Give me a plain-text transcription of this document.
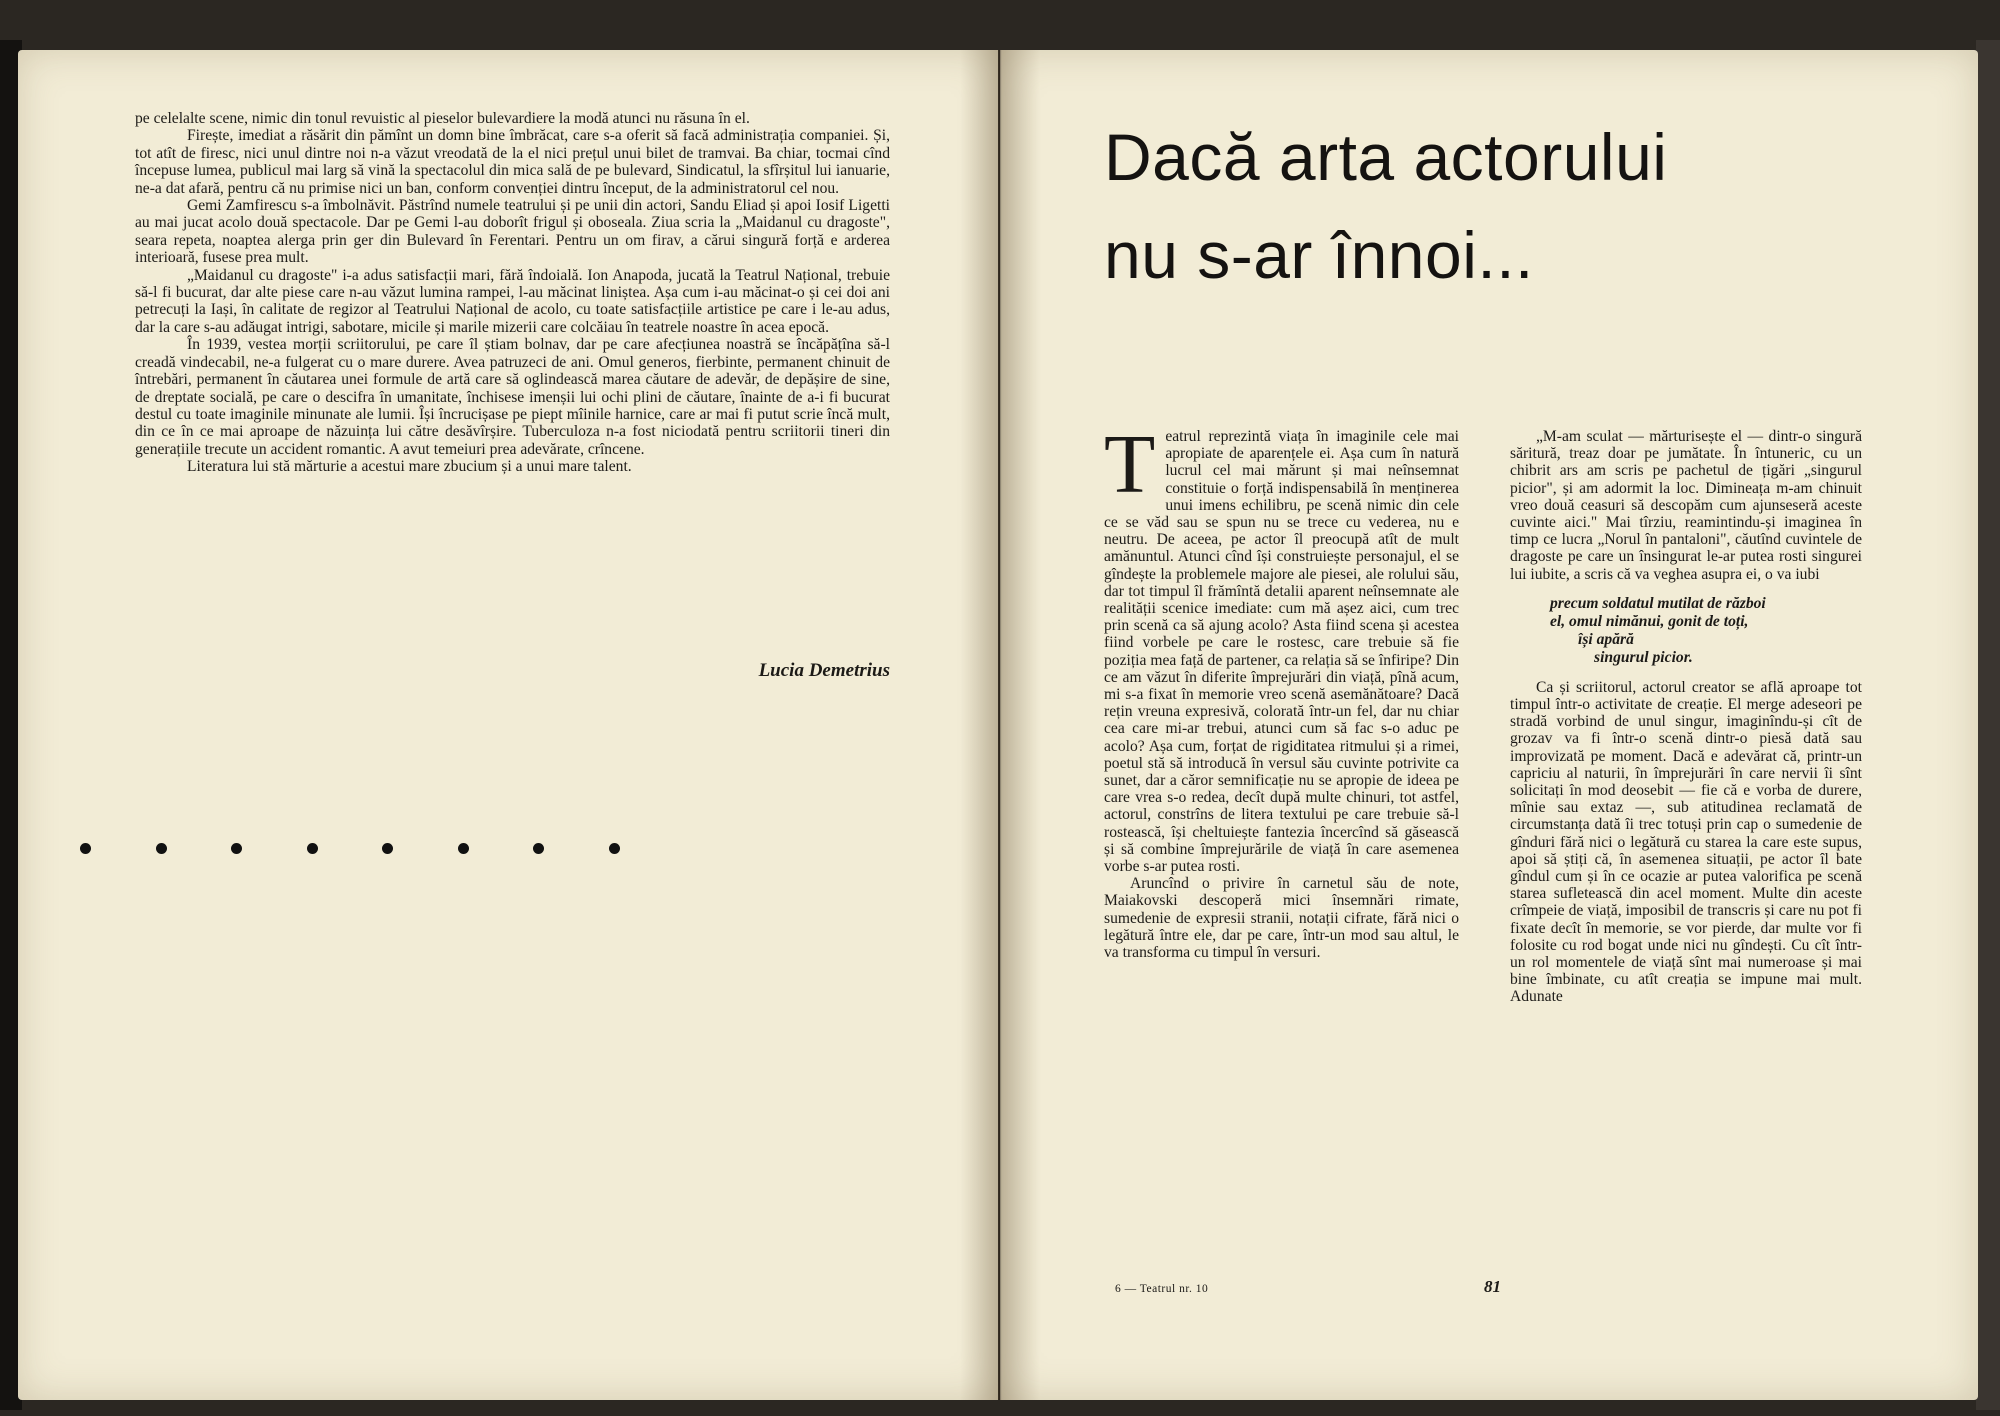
pe celelalte scene, nimic din tonul revuistic al pieselor bulevardiere la modă atunci nu răsuna în el.

Firește, imediat a răsărit din pămînt un domn bine îmbrăcat, care s-a oferit să facă administrația companiei. Și, tot atît de firesc, nici unul dintre noi n-a văzut vreodată de la el nici prețul unui bilet de tramvai. Ba chiar, tocmai cînd începuse lumea, publicul mai larg să vină la spectacolul din mica sală de pe bulevard, Sindicatul, la sfîrșitul lui ianuarie, ne-a dat afară, pentru că nu primise nici un ban, conform convenției dintru început, de la administratorul cel nou.

Gemi Zamfirescu s-a îmbolnăvit. Păstrînd numele teatrului și pe unii din actori, Sandu Eliad și apoi Iosif Ligetti au mai jucat acolo două spectacole. Dar pe Gemi l-au doborît frigul și oboseala. Ziua scria la „Maidanul cu dragoste", seara repeta, noaptea alerga prin ger din Bulevard în Ferentari. Pentru un om firav, a cărui singură forță e arderea interioară, fusese prea mult.

„Maidanul cu dragoste" i-a adus satisfacții mari, fără îndoială. Ion Anapoda, jucată la Teatrul Național, trebuie să-l fi bucurat, dar alte piese care n-au văzut lumina rampei, l-au măcinat liniștea. Așa cum i-au măcinat-o și cei doi ani petrecuți la Iași, în calitate de regizor al Teatrului Național de acolo, cu toate satisfacțiile artistice pe care i le-au adus, dar la care s-au adăugat intrigi, sabotare, micile și marile mizerii care colcăiau în teatrele noastre în acea epocă.

În 1939, vestea morții scriitorului, pe care îl știam bolnav, dar pe care afecțiunea noastră se încăpățîna să-l creadă vindecabil, ne-a fulgerat cu o mare durere. Avea patruzeci de ani. Omul generos, fierbinte, permanent chinuit de întrebări, permanent în căutarea unei formule de artă care să oglindească marea căutare de adevăr, de depășire de sine, de dreptate socială, pe care o descifra în umanitate, închisese imenșii lui ochi plini de căutare, înainte de a-i fi bucurat destul cu toate imaginile minunate ale lumii. Își încrucișase pe piept mîinile harnice, care ar mai fi putut scrie încă mult, din ce în ce mai aproape de năzuința lui către desăvîrșire. Tuberculoza n-a fost niciodată pentru scriitorii tineri din generațiile trecute un accident romantic. A avut temeiuri prea adevărate, crîncene.

Literatura lui stă mărturie a acestui mare zbucium și a unui mare talent.

Lucia Demetrius
Dacă arta actorului
nu s-ar înnoi...
T eatrul reprezintă viața în imaginile cele mai apropiate de aparențele ei. Așa cum în natură lucrul cel mai mărunt și mai neînsemnat constituie o forță indispensabilă în menținerea unui imens echilibru, pe scenă nimic din cele ce se văd sau se spun nu se trece cu vederea, nu e neutru. De aceea, pe actor îl preocupă atît de mult amănuntul. Atunci cînd își construiește personajul, el se gîndește la problemele majore ale piesei, ale rolului său, dar tot timpul îl frămîntă detalii aparent neînsemnate ale realității scenice imediate: cum mă așez aici, cum trec prin scenă ca să ajung acolo? Asta fiind scena și acestea fiind vorbele pe care le rostesc, care trebuie să fie poziția mea față de partener, ca relația să se înfiripe? Din ce am văzut în diferite împrejurări din viață, pînă acum, mi s-a fixat în memorie vreo scenă asemănătoare? Dacă rețin vreuna expresivă, colorată într-un fel, dar nu chiar cea care mi-ar trebui, atunci cum să fac s-o aduc pe acolo? Așa cum, forțat de rigiditatea ritmului și a rimei, poetul stă să introducă în versul său cuvinte potrivite ca sunet, dar a căror semnificație nu se apropie de ideea pe care vrea s-o redea, decît după multe chinuri, tot astfel, actorul, constrîns de litera textului pe care trebuie să-l rostească, își cheltuiește fantezia încercînd să găsească și să combine împrejurările de viață în care asemenea vorbe s-ar putea rosti.

Aruncînd o privire în carnetul său de note, Maiakovski descoperă mici însemnări rimate, sumedenie de expresii stranii, notații cifrate, fără nici o legătură între ele, dar pe care, într-un mod sau altul, le va transforma cu timpul în versuri.

„M-am sculat — mărturisește el — dintr-o singură săritură, treaz doar pe jumătate. În întuneric, cu un chibrit ars am scris pe pachetul de țigări „singurul picior", și am adormit la loc. Dimineața m-am chinuit vreo două ceasuri să descopăm cum ajunseseră aceste cuvinte aici." Mai tîrziu, reamintindu-și imaginea în timp ce lucra „Norul în pantaloni", căutînd cuvintele de dragoste pe care un însingurat le-ar putea rosti singurei lui iubite, a scris că va veghea asupra ei, o va iubi

precum soldatul mutilat de război
el, omul nimănui, gonit de toți,
își apără
singurul picior.

Ca și scriitorul, actorul creator se află aproape tot timpul într-o activitate de creație. El merge adeseori pe stradă vorbind de unul singur, imaginîndu-și cît de grozav va fi într-o scenă dintr-o piesă dată sau improvizată pe moment. Dacă e adevărat că, printr-un capriciu al naturii, în împrejurări în care nervii îi sînt solicitați în mod deosebit — fie că e vorba de durere, mînie sau extaz —, sub atitudinea reclamată de circumstanța dată îi trec totuși prin cap o sumedenie de gînduri fără nici o legătură cu starea la care este supus, apoi să știți că, în asemenea situații, pe actor îl bate gîndul cum și în ce ocazie ar putea valorifica pe scenă starea sufletească din acel moment. Multe din aceste crîmpeie de viață, imposibil de transcris și care nu pot fi fixate decît în memorie, se vor pierde, dar multe vor fi folosite cu rod bogat unde nici nu gîndești. Cu cît într-un rol momentele de viață sînt mai numeroase și mai bine îmbinate, cu atît creația se impune mai mult. Adunate

6 — Teatrul nr. 10	81
